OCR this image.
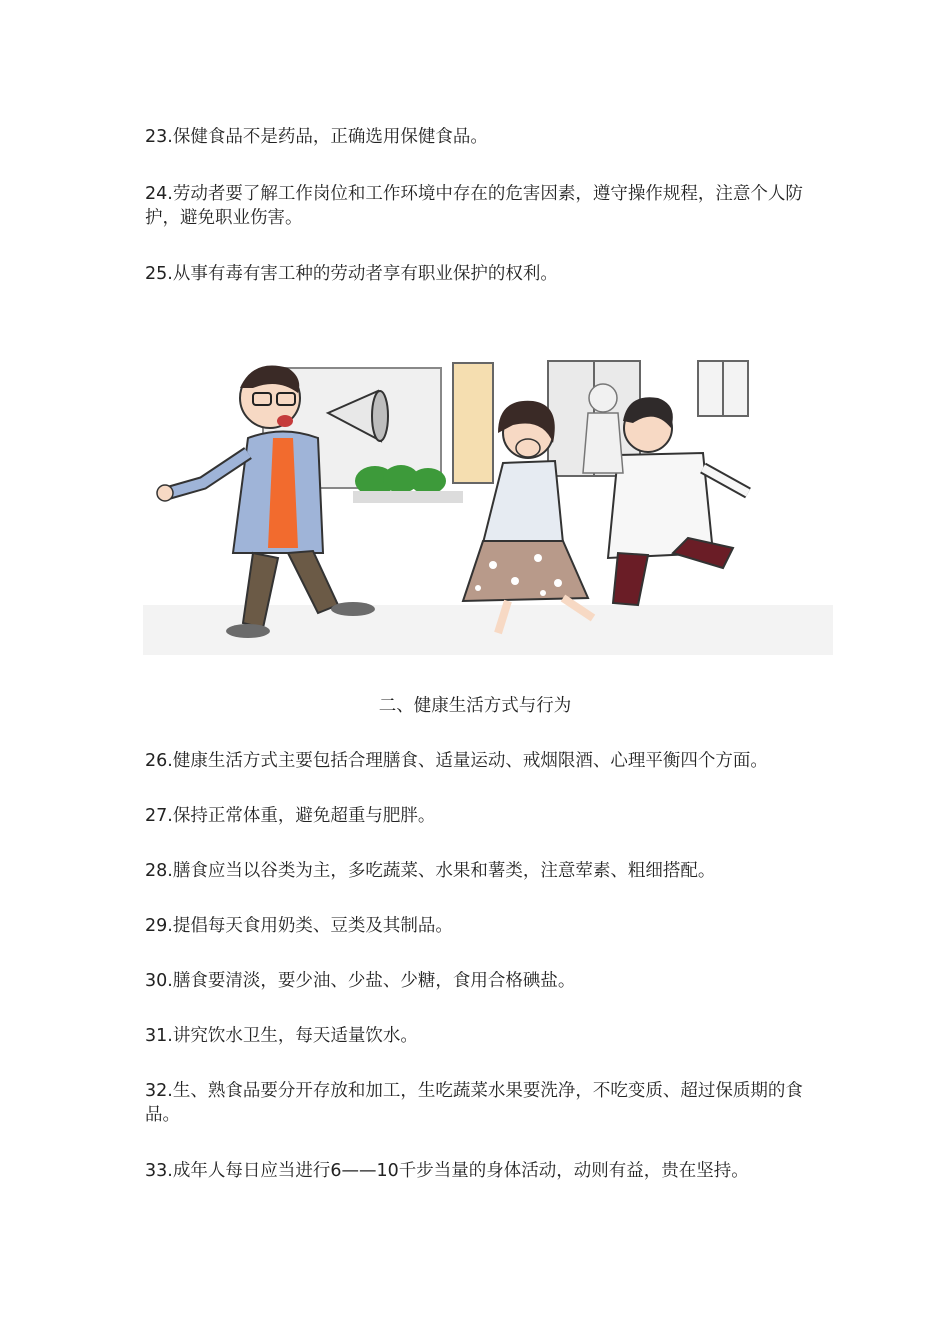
23.保健食品不是药品，正确选用保健食品。

24.劳动者要了解工作岗位和工作环境中存在的危害因素，遵守操作规程，注意个人防护，避免职业伤害。

25.从事有毒有害工种的劳动者享有职业保护的权利。

二、健康生活方式与行为

26.健康生活方式主要包括合理膳食、适量运动、戒烟限酒、心理平衡四个方面。

27.保持正常体重，避免超重与肥胖。

28.膳食应当以谷类为主，多吃蔬菜、水果和薯类，注意荤素、粗细搭配。

29.提倡每天食用奶类、豆类及其制品。

30.膳食要清淡，要少油、少盐、少糖，食用合格碘盐。

31.讲究饮水卫生，每天适量饮水。

32.生、熟食品要分开存放和加工，生吃蔬菜水果要洗净，不吃变质、超过保质期的食品。

33.成年人每日应当进行6——10千步当量的身体活动，动则有益，贵在坚持。
